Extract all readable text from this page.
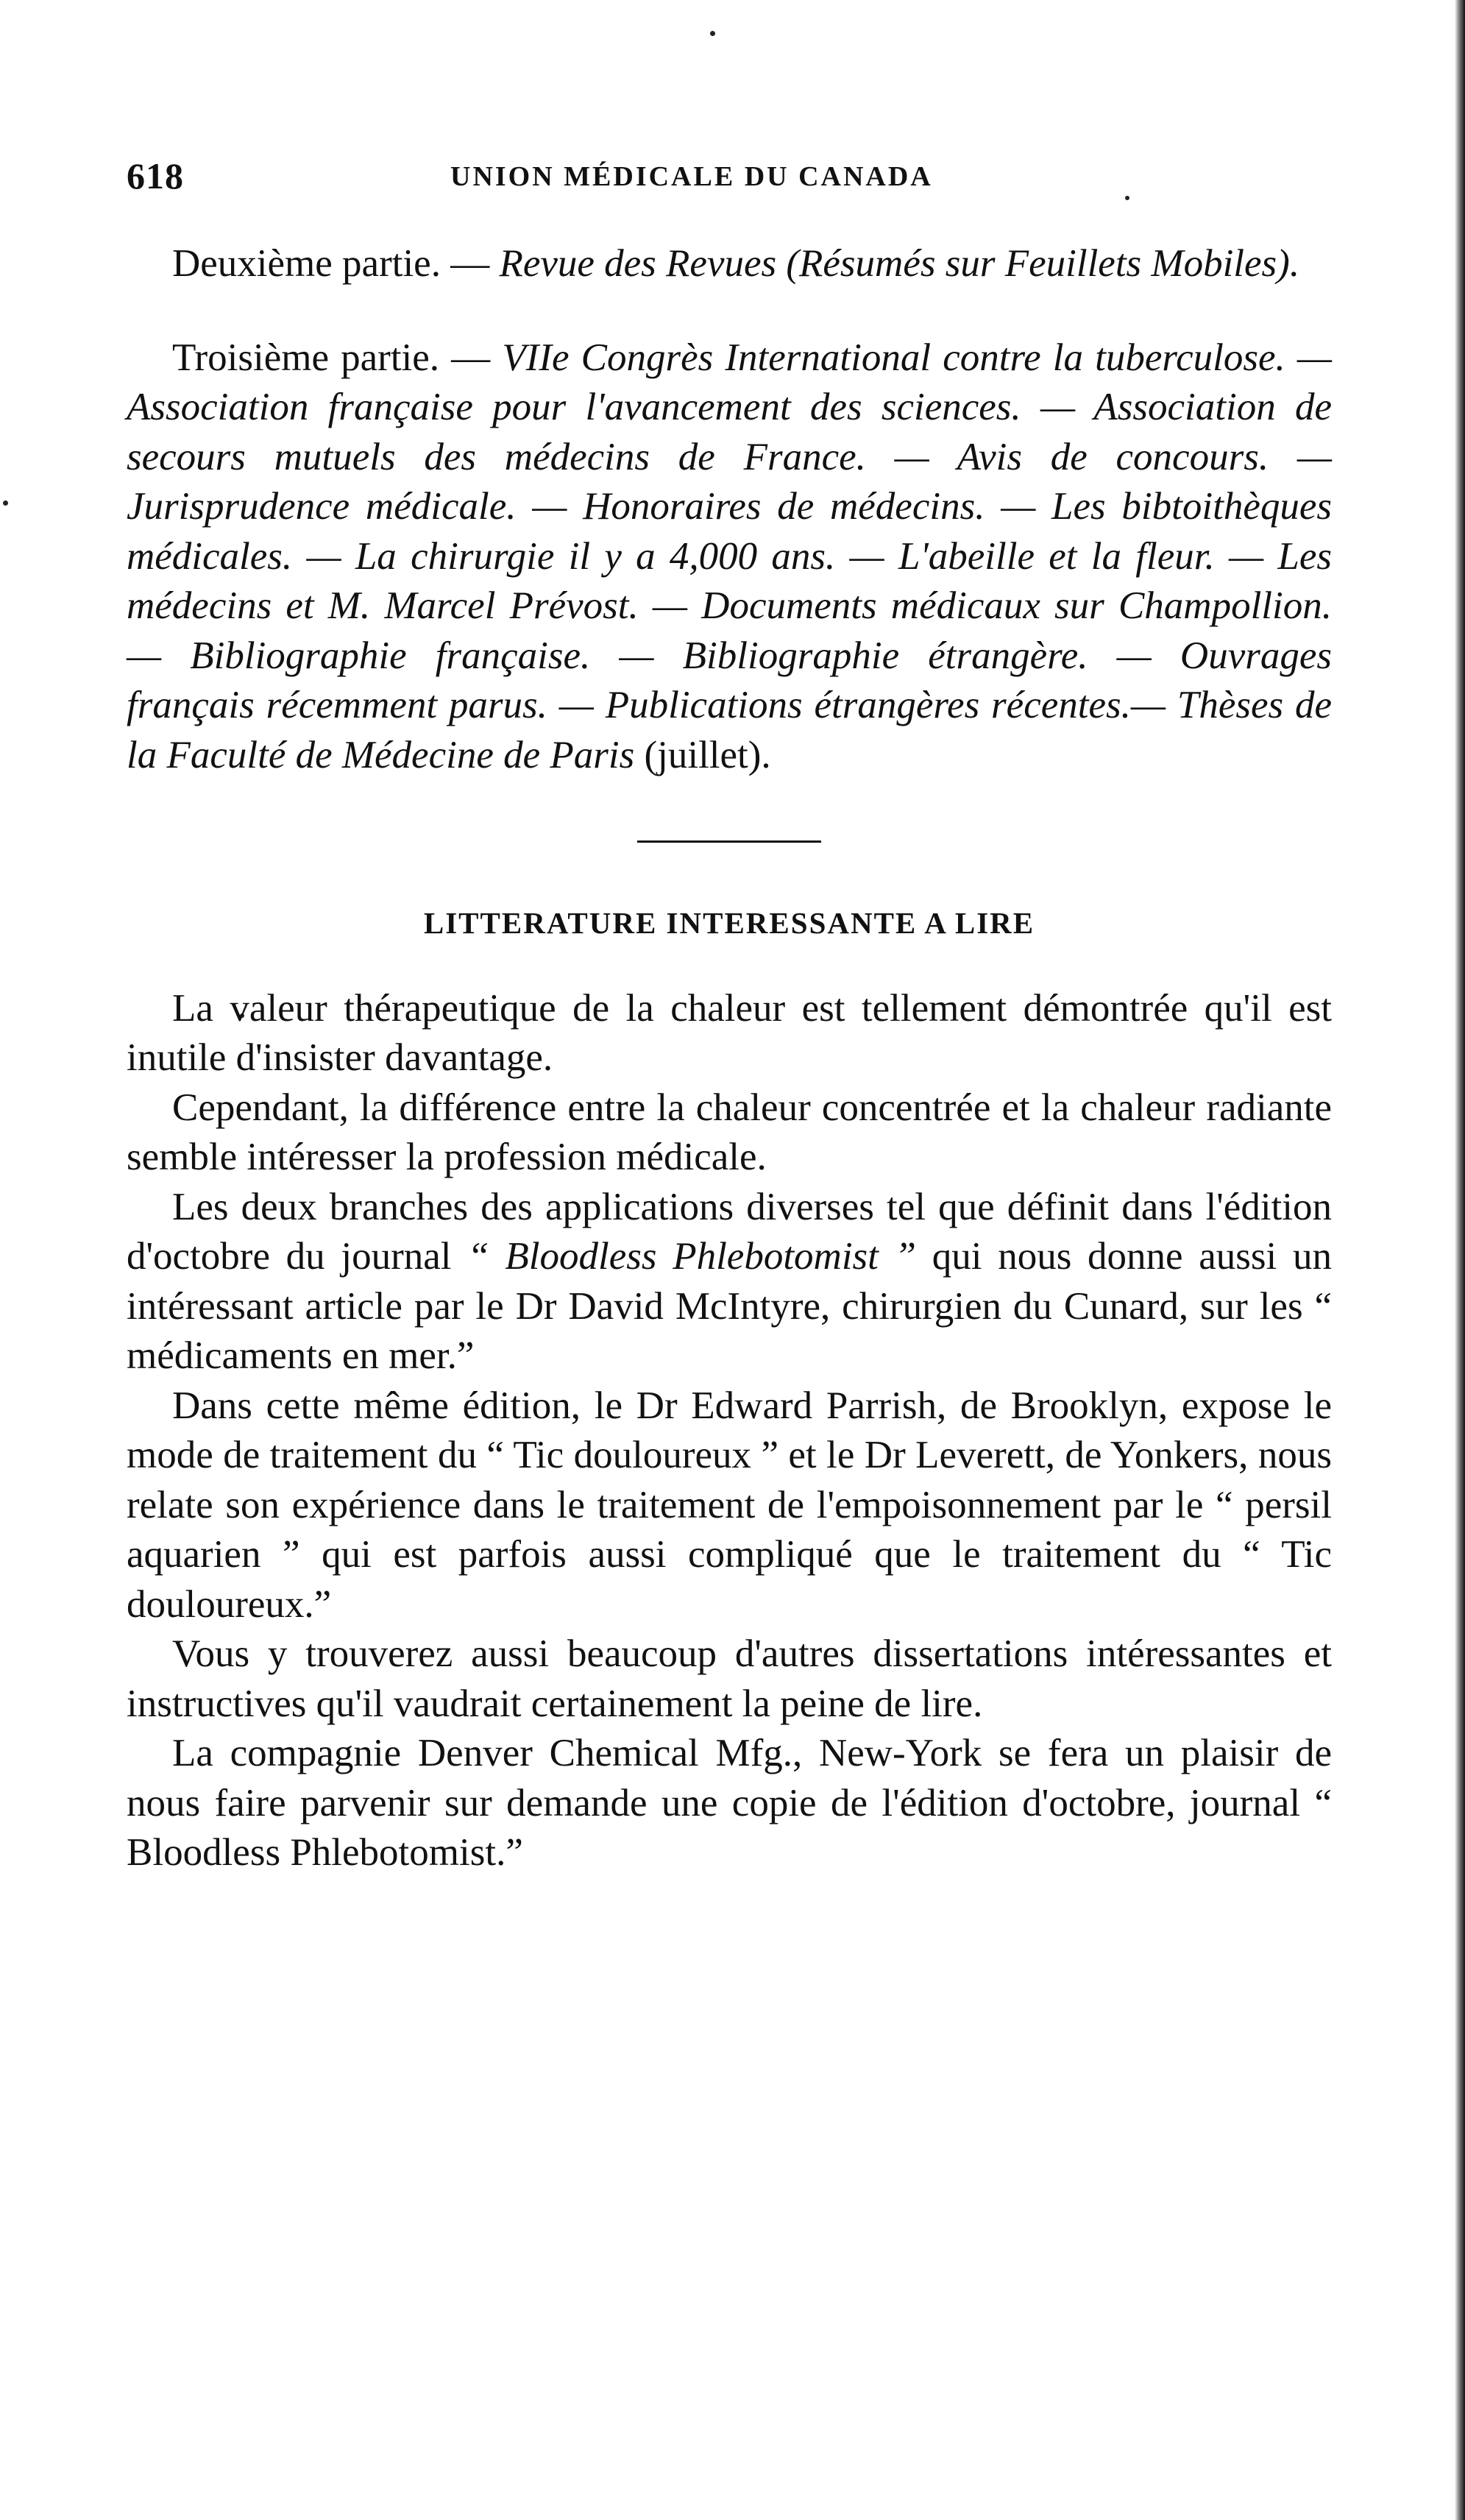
618	UNION MÉDICALE DU CANADA

Deuxième partie. — Revue des Revues (Résumés sur Feuillets Mobiles).

Troisième partie. — VIIe Congrès International contre la tuberculose. — Association française pour l'avancement des sciences. — Association de secours mutuels des médecins de France. — Avis de concours. — Jurisprudence médicale. — Honoraires de médecins. — Les bibtoithèques médicales. — La chirurgie il y a 4,000 ans. — L'abeille et la fleur. — Les médecins et M. Marcel Prévost. — Documents médicaux sur Champollion. — Bibliographie française. — Bibliographie étrangère. — Ouvrages français récemment parus. — Publications étrangères récentes.— Thèses de la Faculté de Médecine de Paris (juillet).

LITTERATURE INTERESSANTE A LIRE

La valeur thérapeutique de la chaleur est tellement démontrée qu'il est inutile d'insister davantage.

Cependant, la différence entre la chaleur concentrée et la chaleur radiante semble intéresser la profession médicale.

Les deux branches des applications diverses tel que définit dans l'édition d'octobre du journal “ Bloodless Phlebotomist ” qui nous donne aussi un intéressant article par le Dr David McIntyre, chirurgien du Cunard, sur les “ médicaments en mer.”

Dans cette même édition, le Dr Edward Parrish, de Brooklyn, expose le mode de traitement du “ Tic douloureux ” et le Dr Leverett, de Yonkers, nous relate son expérience dans le traitement de l'empoisonnement par le “ persil aquarien ” qui est parfois aussi compliqué que le traitement du “ Tic douloureux.”

Vous y trouverez aussi beaucoup d'autres dissertations intéressantes et instructives qu'il vaudrait certainement la peine de lire.

La compagnie Denver Chemical Mfg., New-York se fera un plaisir de nous faire parvenir sur demande une copie de l'édition d'octobre, journal “ Bloodless Phlebotomist.”
